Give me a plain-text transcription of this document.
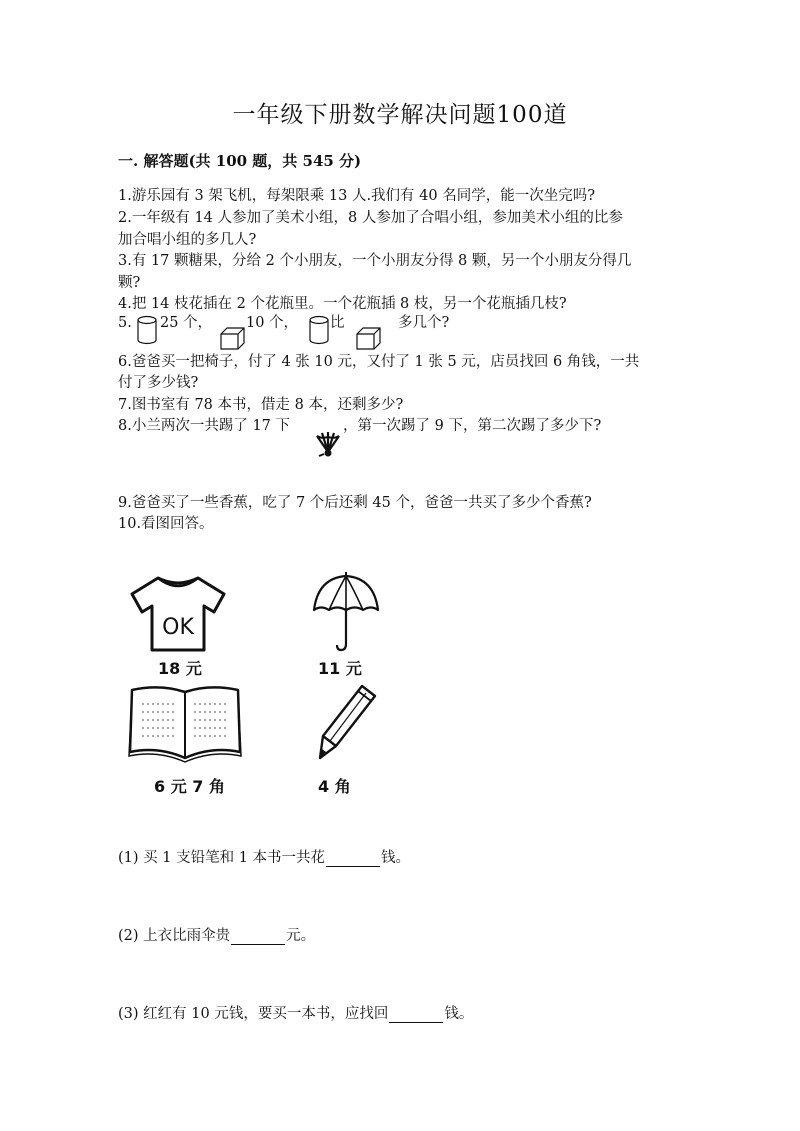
一年级下册数学解决问题100道
一. 解答题(共 100 题，共 545 分)
1.游乐园有 3 架飞机，每架限乘 13 人.我们有 40 名同学，能一次坐完吗?
2.一年级有 14 人参加了美术小组，8 人参加了合唱小组，参加美术小组的比参
加合唱小组的多几人?
3.有 17 颗糖果，分给 2 个小朋友，一个小朋友分得 8 颗，另一个小朋友分得几
颗?
4.把 14 枝花插在 2 个花瓶里。一个花瓶插 8 枝，另一个花瓶插几枝?
5. 25 个， 10 个， 比	多几个?
6.爸爸买一把椅子，付了 4 张 10 元，又付了 1 张 5 元，店员找回 6 角钱，一共
付了多少钱?
7.图书室有 78 本书，借走 8 本，还剩多少?
8.小兰两次一共踢了 17 下	，第一次踢了 9 下，第二次踢了多少下?
9.爸爸买了一些香蕉，吃了 7 个后还剩 45 个，爸爸一共买了多少个香蕉?
10.看图回答。
OK
18 元	11 元
6 元 7 角	4 角
(1) 买 1 支铅笔和 1 本书一共花	钱。
(2) 上衣比雨伞贵	元。
(3) 红红有 10 元钱，要买一本书，应找回	钱。
